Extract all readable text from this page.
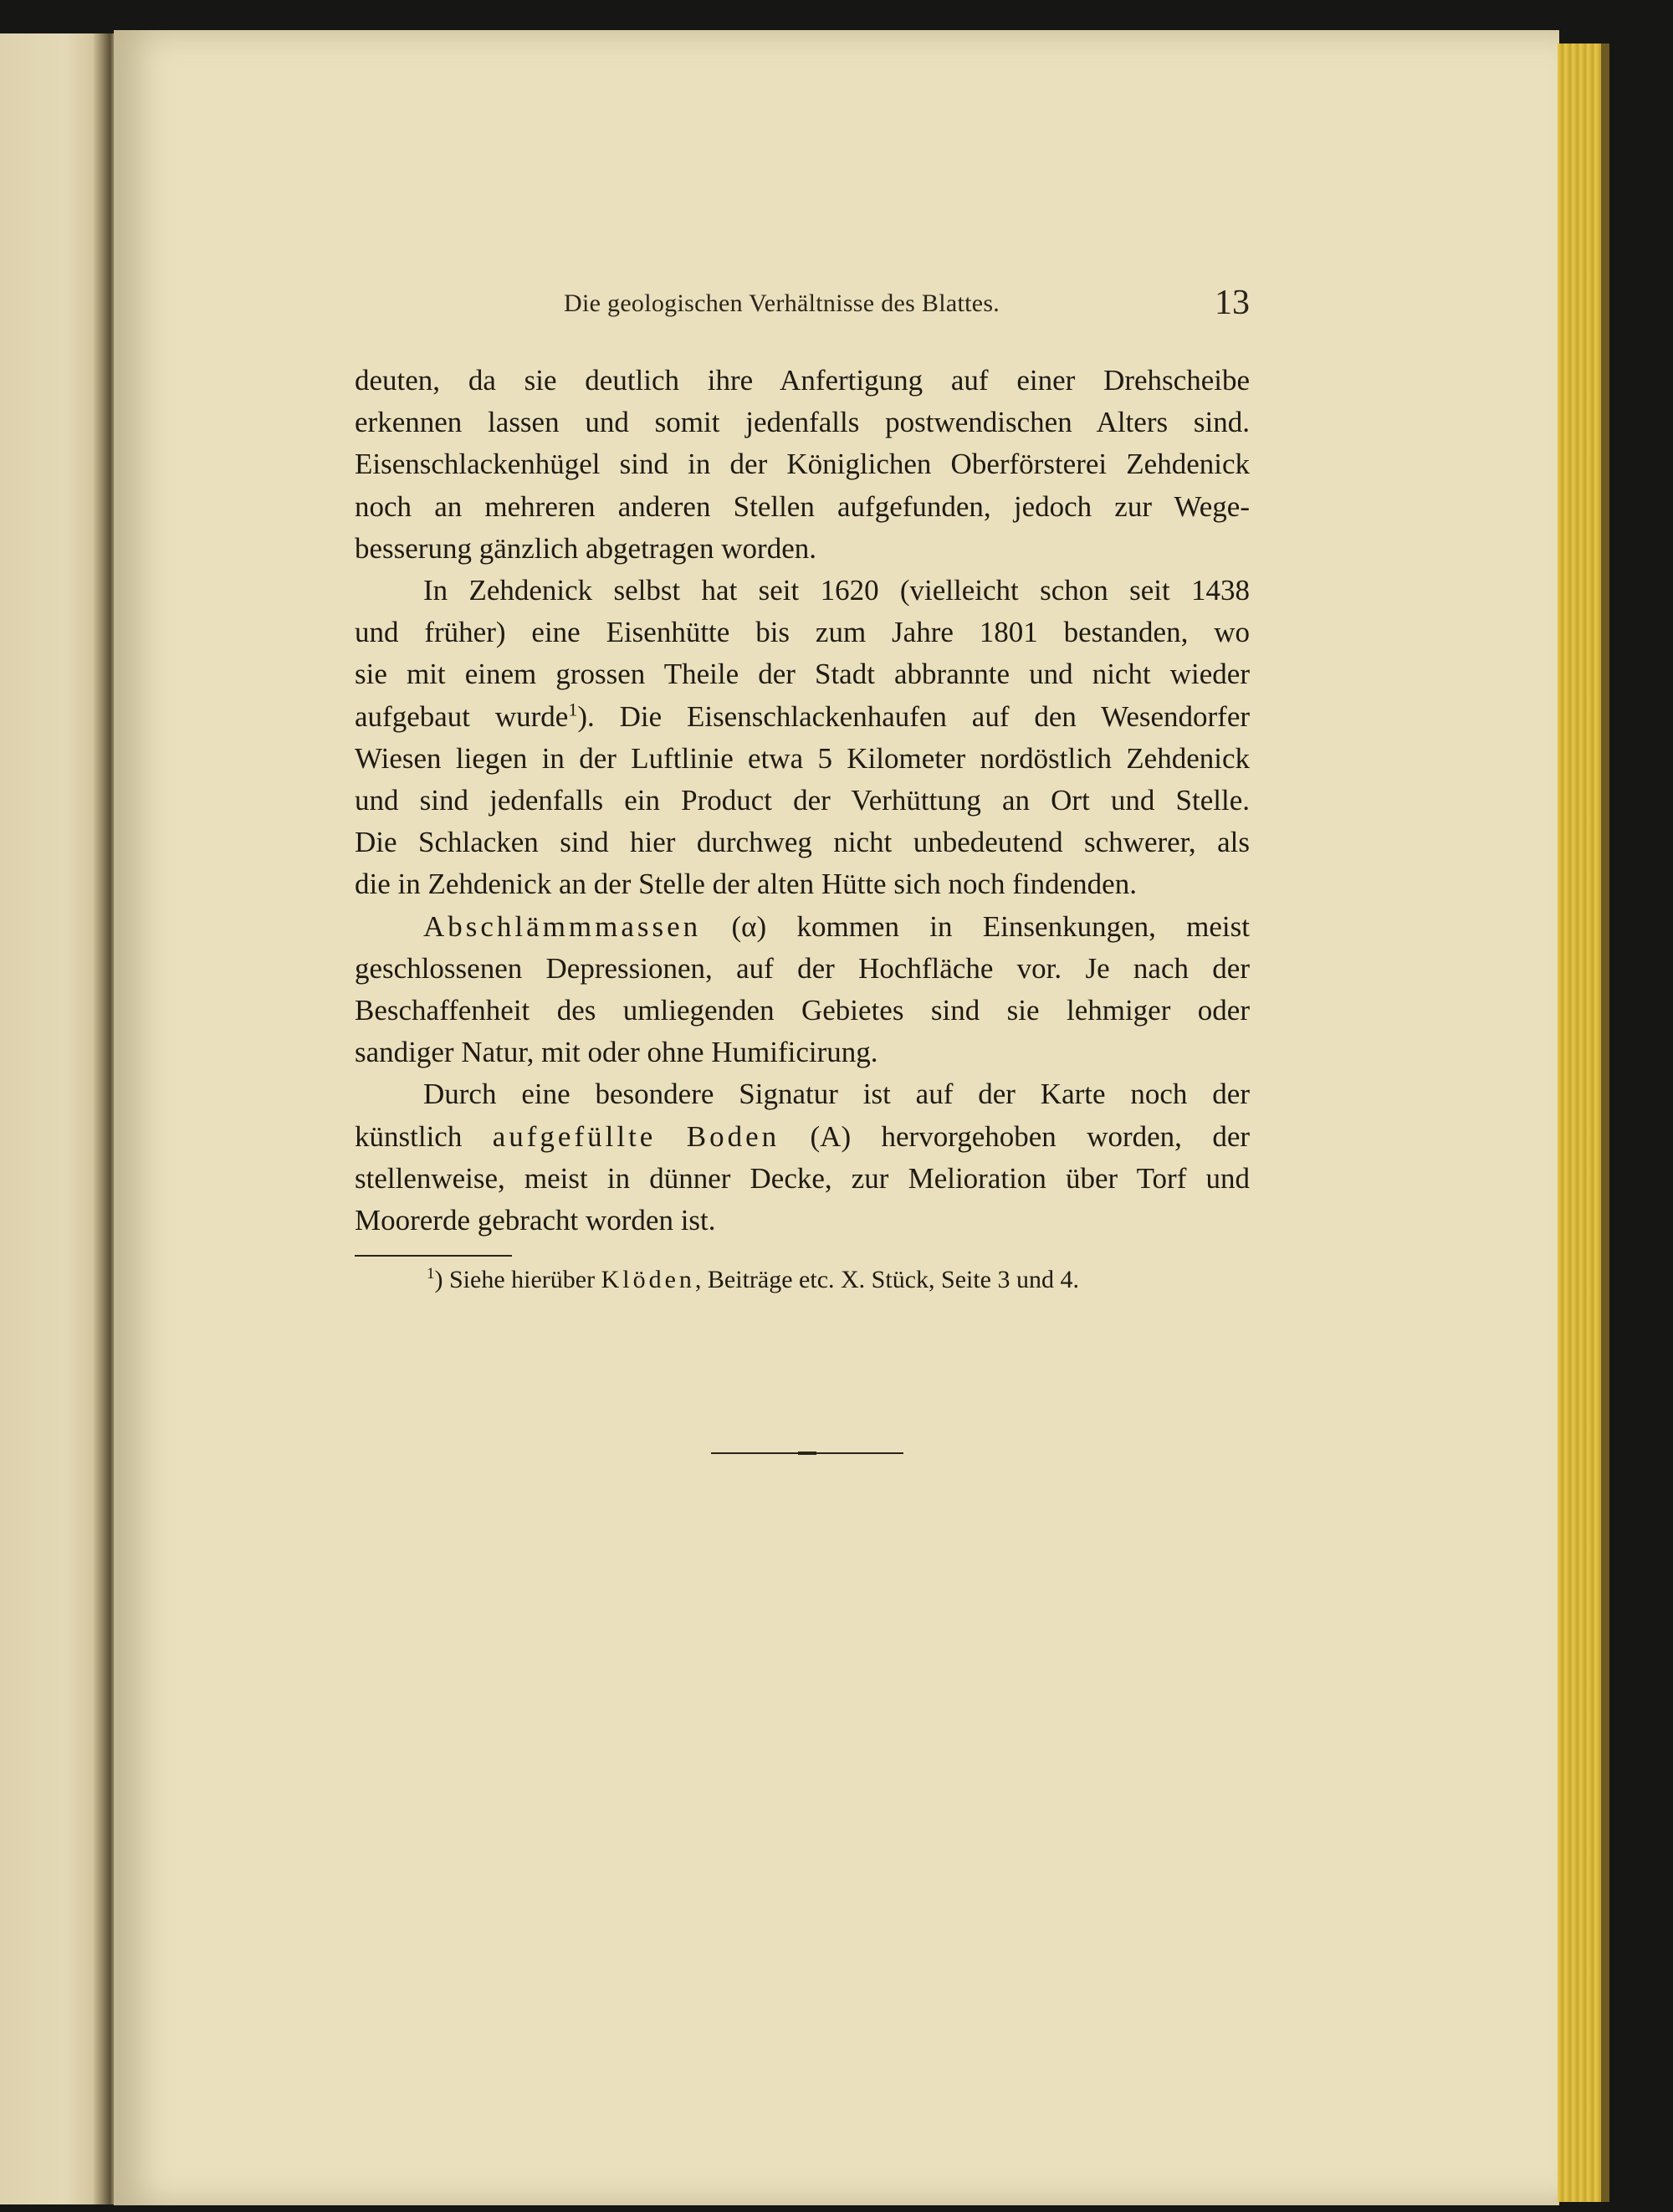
Die geologischen Verhältnisse des Blattes.	13

deuten, da sie deutlich ihre Anfertigung auf einer Drehscheibe
erkennen lassen und somit jedenfalls postwendischen Alters sind.
Eisenschlackenhügel sind in der Königlichen Oberförsterei Zehdenick
noch an mehreren anderen Stellen aufgefunden, jedoch zur Wege-
besserung gänzlich abgetragen worden.

In Zehdenick selbst hat seit 1620 (vielleicht schon seit 1438
und früher) eine Eisenhütte bis zum Jahre 1801 bestanden, wo
sie mit einem grossen Theile der Stadt abbrannte und nicht wieder
aufgebaut wurde$^1$). Die Eisenschlackenhaufen auf den Wesendorfer
Wiesen liegen in der Luftlinie etwa 5 Kilometer nordöstlich Zehdenick
und sind jedenfalls ein Product der Verhüttung an Ort und Stelle.
Die Schlacken sind hier durchweg nicht unbedeutend schwerer, als
die in Zehdenick an der Stelle der alten Hütte sich noch findenden.

Abschlämmmassen (α) kommen in Einsenkungen, meist
geschlossenen Depressionen, auf der Hochfläche vor. Je nach der
Beschaffenheit des umliegenden Gebietes sind sie lehmiger oder
sandiger Natur, mit oder ohne Humificirung.

Durch eine besondere Signatur ist auf der Karte noch der
künstlich aufgefüllte Boden (A) hervorgehoben worden, der
stellenweise, meist in dünner Decke, zur Melioration über Torf und
Moorerde gebracht worden ist.

$^1$) Siehe hierüber Klöden, Beiträge etc. X. Stück, Seite 3 und 4.
